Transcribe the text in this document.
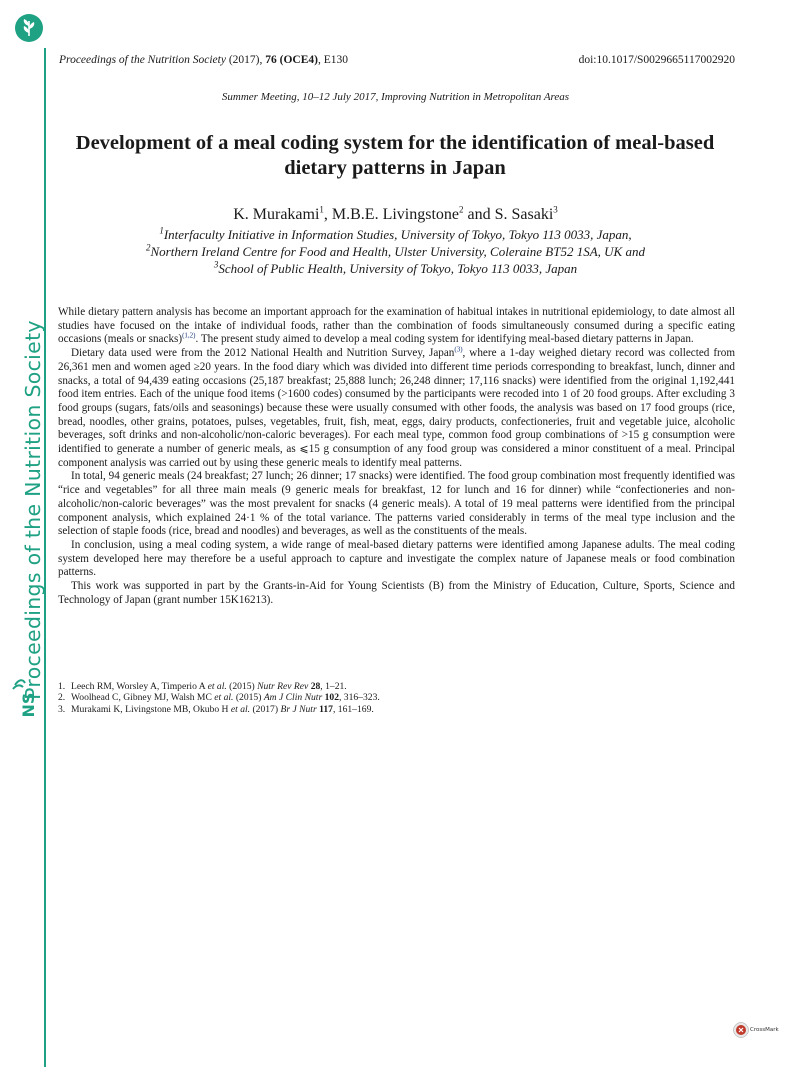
Proceedings of the Nutrition Society
NS
Proceedings of the Nutrition Society (2017), 76 (OCE4), E130	doi:10.1017/S0029665117002920
Summer Meeting, 10–12 July 2017, Improving Nutrition in Metropolitan Areas
Development of a meal coding system for the identification of meal-based
dietary patterns in Japan
K. Murakami$^1$, M.B.E. Livingstone$^2$ and S. Sasaki$^3$
$^1$Interfaculty Initiative in Information Studies, University of Tokyo, Tokyo 113 0033, Japan,
$^2$Northern Ireland Centre for Food and Health, Ulster University, Coleraine BT52 1SA, UK and
$^3$School of Public Health, University of Tokyo, Tokyo 113 0033, Japan

While dietary pattern analysis has become an important approach for the examination of habitual intakes in nutritional epidemiology, to date almost all studies have focused on the intake of individual foods, rather than the combination of foods simultaneously consumed during a specific eating occasions (meals or snacks)$^{(1,2)}$. The present study aimed to develop a meal coding system for identifying meal-based dietary patterns in Japan.

Dietary data used were from the 2012 National Health and Nutrition Survey, Japan$^{(3)}$, where a 1-day weighed dietary record was collected from 26,361 men and women aged ≥20 years. In the food diary which was divided into different time periods corresponding to breakfast, lunch, dinner and snacks, a total of 94,439 eating occasions (25,187 breakfast; 25,888 lunch; 26,248 dinner; 17,116 snacks) were identified from the original 1,192,441 food item entries. Each of the unique food items (>1600 codes) consumed by the participants were recoded into 1 of 20 food groups. After excluding 3 food groups (sugars, fats/oils and seasonings) because these were usually consumed with other foods, the analysis was based on 17 food groups (rice, bread, noodles, other grains, potatoes, pulses, vegetables, fruit, fish, meat, eggs, dairy products, confectioneries, fruit and vegetable juice, alcoholic beverages, soft drinks and non-alcoholic/non-caloric beverages). For each meal type, common food group combinations of >15 g consumption were identified to generate a number of generic meals, as ⩽15 g consumption of any food group was considered a minor constituent of a meal. Principal component analysis was carried out by using these generic meals to identify meal patterns.

In total, 94 generic meals (24 breakfast; 27 lunch; 26 dinner; 17 snacks) were identified. The food group combination most frequently identified was “rice and vegetables” for all three main meals (9 generic meals for breakfast, 12 for lunch and 16 for dinner) while “confectioneries and non-alcoholic/non-caloric beverages” was the most prevalent for snacks (4 generic meals). A total of 19 meal patterns were identified from the principal component analysis, which explained 24·1 % of the total variance. The patterns varied considerably in terms of the meal type inclusion and the selection of staple foods (rice, bread and noodles) and beverages, as well as the constituents of the meals.

In conclusion, using a meal coding system, a wide range of meal-based dietary patterns were identified among Japanese adults. The meal coding system developed here may therefore be a useful approach to capture and investigate the complex nature of Japanese meals or food combination patterns.

This work was supported in part by the Grants-in-Aid for Young Scientists (B) from the Ministry of Education, Culture, Sports, Science and Technology of Japan (grant number 15K16213).

1. Leech RM, Worsley A, Timperio A et al. (2015) Nutr Rev Rev 28, 1–21.
2. Woolhead C, Gibney MJ, Walsh MC et al. (2015) Am J Clin Nutr 102, 316–323.
3. Murakami K, Livingstone MB, Okubo H et al. (2017) Br J Nutr 117, 161–169.
CrossMark
